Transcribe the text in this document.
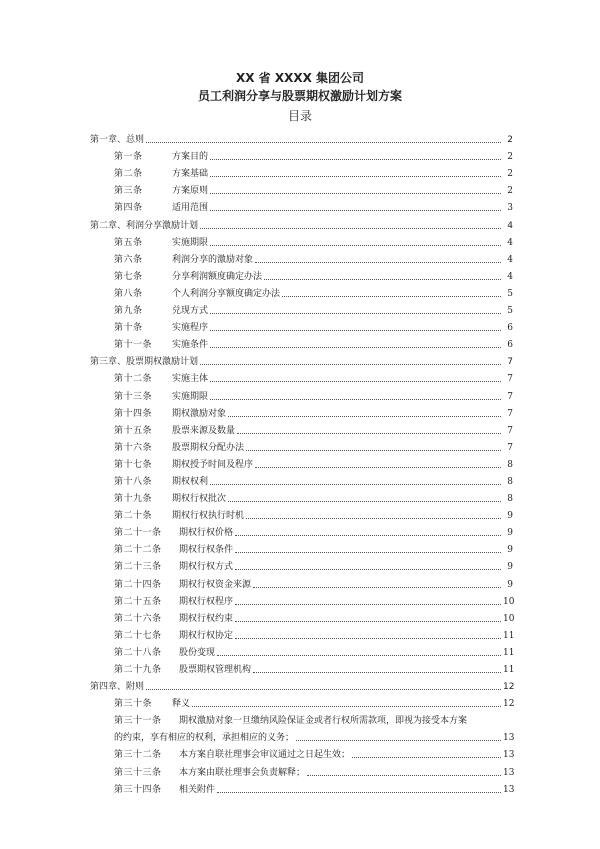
XX 省 XXXX 集团公司
员工利润分享与股票期权激励计划方案
目录
第一章、总则	2
第一条	方案目的	2
第二条	方案基础	2
第三条	方案原则	2
第四条	适用范围	3
第二章、利润分享激励计划	4
第五条	实施期限	4
第六条	利润分享的激励对象	4
第七条	分享利润额度确定办法	4
第八条	个人利润分享额度确定办法	5
第九条	兑现方式	5
第十条	实施程序	6
第十一条	实施条件	6
第三章、股票期权激励计划	7
第十二条	实施主体	7
第十三条	实施期限	7
第十四条	期权激励对象	7
第十五条	股票来源及数量	7
第十六条	股票期权分配办法	7
第十七条	期权授予时间及程序	8
第十八条	期权权利	8
第十九条	期权行权批次	8
第二十条	期权行权执行时机	9
第二十一条	期权行权价格	9
第二十二条	期权行权条件	9
第二十三条	期权行权方式	9
第二十四条	期权行权资金来源	9
第二十五条	期权行权程序	10
第二十六条	期权行权约束	10
第二十七条	期权行权协定	11
第二十八条	股份变现	11
第二十九条	股票期权管理机构	11
第四章、附则	12
第三十条	释义	12
第三十一条	期权激励对象一旦缴纳风险保证金或者行权所需款项，即视为接受本方案
的约束，享有相应的权利，承担相应的义务；	13
第三十二条	本方案自联社理事会审议通过之日起生效；	13
第三十三条	本方案由联社理事会负责解释；	13
第三十四条	相关附件	13
